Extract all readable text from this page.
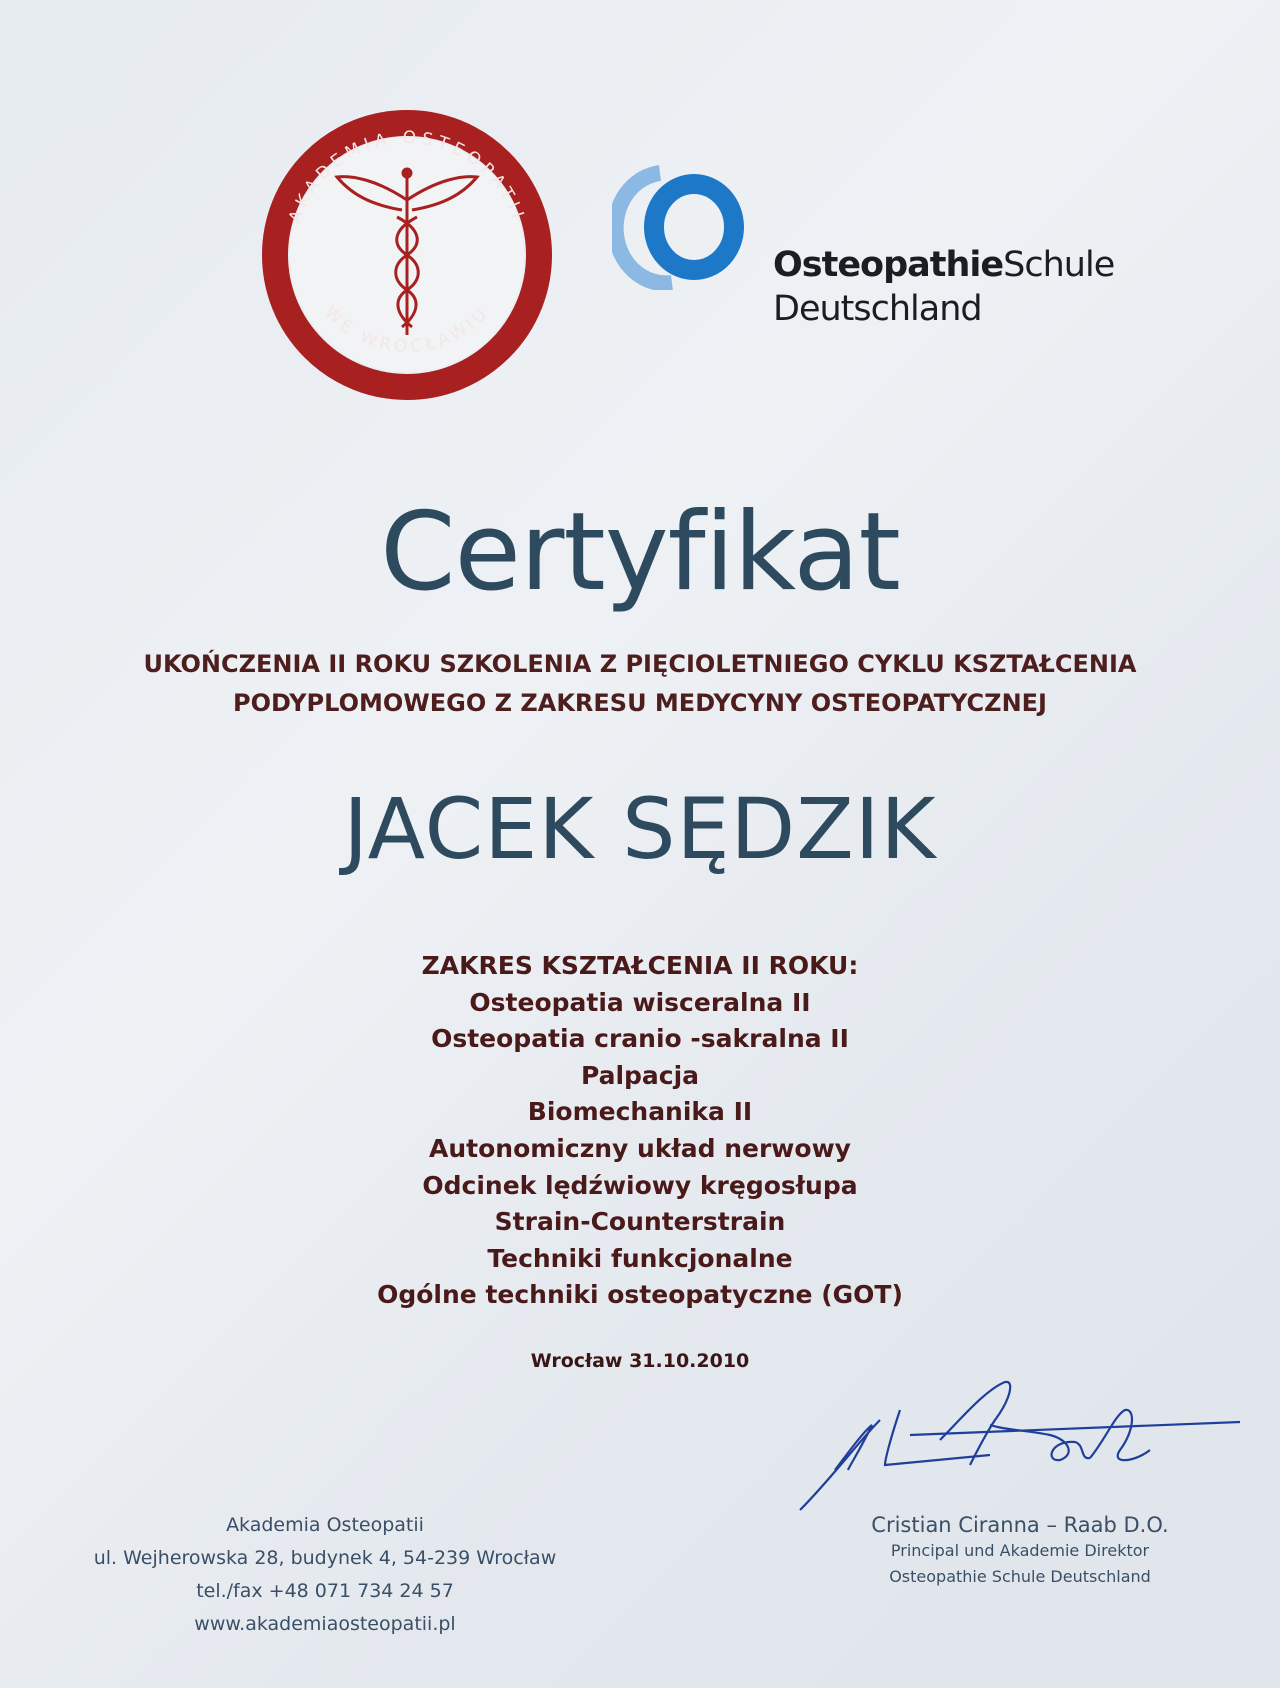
AKADEMIA OSTEOPATII
WE WROCŁAWIU
OsteopathieSchule
Deutschland
Certyfikat
UKOŃCZENIA II ROKU SZKOLENIA Z PIĘCIOLETNIEGO CYKLU KSZTAŁCENIA
PODYPLOMOWEGO Z ZAKRESU MEDYCYNY OSTEOPATYCZNEJ
JACEK SĘDZIK
ZAKRES KSZTAŁCENIA II ROKU:
Osteopatia wisceralna II
Osteopatia cranio -sakralna II
Palpacja
Biomechanika II
Autonomiczny układ nerwowy
Odcinek lędźwiowy kręgosłupa
Strain-Counterstrain
Techniki funkcjonalne
Ogólne techniki osteopatyczne (GOT)
Wrocław 31.10.2010
Akademia Osteopatii
ul. Wejherowska 28, budynek 4, 54-239 Wrocław
tel./fax +48 071 734 24 57
www.akademiaosteopatii.pl
Cristian Ciranna – Raab D.O.
Principal und Akademie Direktor
Osteopathie Schule Deutschland
